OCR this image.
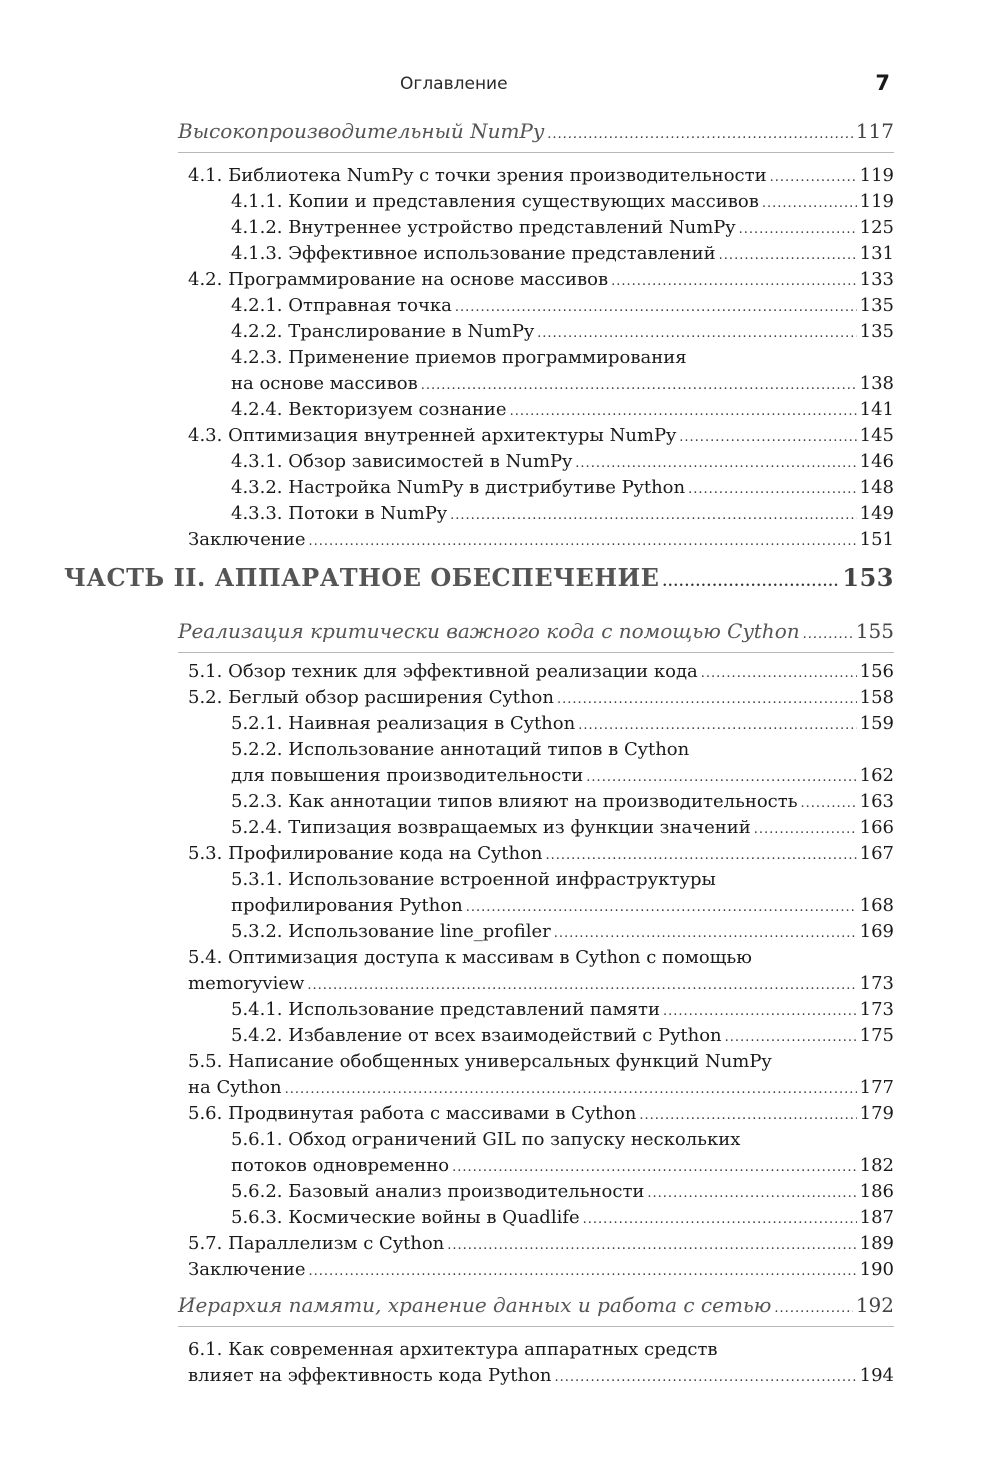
Оглавление	7
Высокопроизводительный NumPy .....	117
4.1. Библиотека NumPy с точки зрения производительности .....	119
4.1.1. Копии и представления существующих массивов .....	119
4.1.2. Внутреннее устройство представлений NumPy .....	125
4.1.3. Эффективное использование представлений .....	131
4.2. Программирование на основе массивов .....	133
4.2.1. Отправная точка .....	135
4.2.2. Транслирование в NumPy .....	135
4.2.3. Применение приемов программирования
на основе массивов .....	138
4.2.4. Векторизуем сознание .....	141
4.3. Оптимизация внутренней архитектуры NumPy .....	145
4.3.1. Обзор зависимостей в NumPy .....	146
4.3.2. Настройка NumPy в дистрибутиве Python .....	148
4.3.3. Потоки в NumPy .....	149
Заключение .....	151
ЧАСТЬ II. АППАРАТНОЕ ОБЕСПЕЧЕНИЕ .....	153
Реализация критически важного кода с помощью Cython .....	155
5.1. Обзор техник для эффективной реализации кода .....	156
5.2. Беглый обзор расширения Cython .....	158
5.2.1. Наивная реализация в Cython .....	159
5.2.2. Использование аннотаций типов в Cython
для повышения производительности .....	162
5.2.3. Как аннотации типов влияют на производительность .....	163
5.2.4. Типизация возвращаемых из функции значений .....	166
5.3. Профилирование кода на Cython .....	167
5.3.1. Использование встроенной инфраструктуры
профилирования Python .....	168
5.3.2. Использование line_profiler .....	169
5.4. Оптимизация доступа к массивам в Cython с помощью
memoryview .....	173
5.4.1. Использование представлений памяти .....	173
5.4.2. Избавление от всех взаимодействий с Python .....	175
5.5. Написание обобщенных универсальных функций NumPy
на Cython .....	177
5.6. Продвинутая работа с массивами в Cython .....	179
5.6.1. Обход ограничений GIL по запуску нескольких
потоков одновременно .....	182
5.6.2. Базовый анализ производительности .....	186
5.6.3. Космические войны в Quadlife .....	187
5.7. Параллелизм с Cython .....	189
Заключение .....	190
Иерархия памяти, хранение данных и работа с сетью .....	192
6.1. Как современная архитектура аппаратных средств
влияет на эффективность кода Python .....	194
